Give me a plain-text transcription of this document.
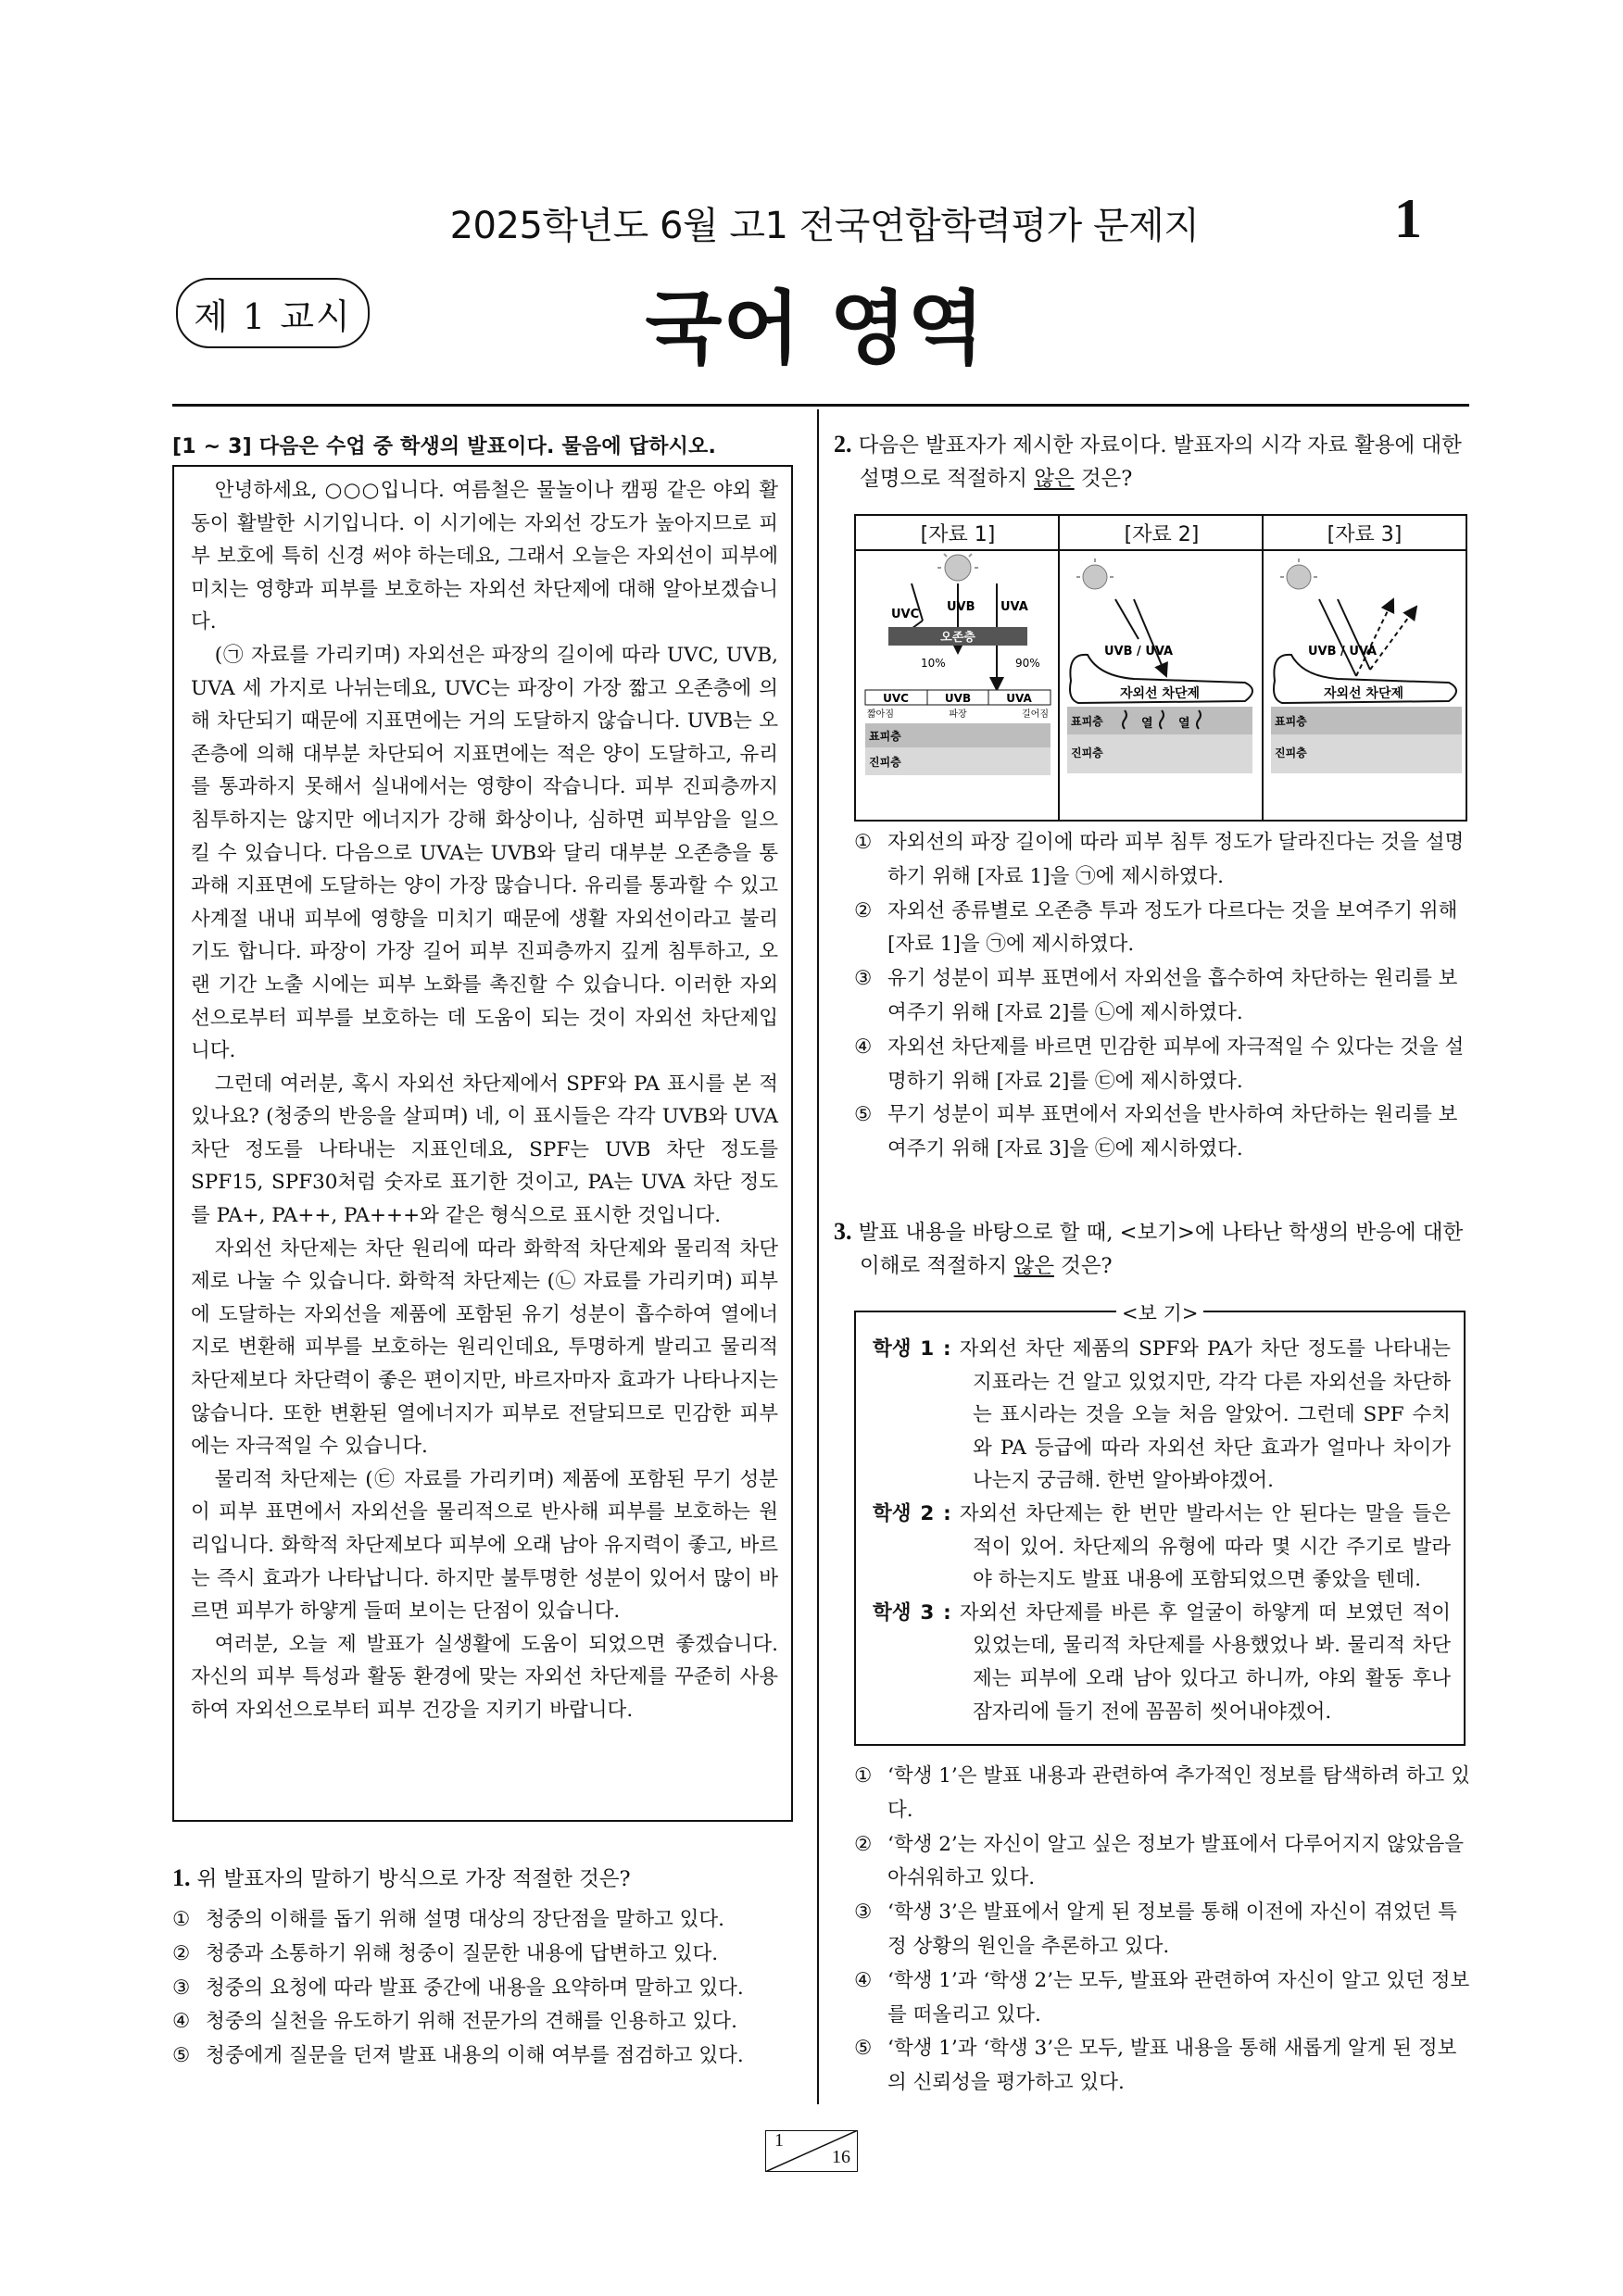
2025학년도 6월 고1 전국연합학력평가 문제지	1
제 1 교시	국어 영역
[1 ~ 3] 다음은 수업 중 학생의 발표이다. 물음에 답하시오.

안녕하세요, ○○○입니다. 여름철은 물놀이나 캠핑 같은 야외 활동이 활발한 시기입니다. 이 시기에는 자외선 강도가 높아지므로 피부 보호에 특히 신경 써야 하는데요, 그래서 오늘은 자외선이 피부에 미치는 영향과 피부를 보호하는 자외선 차단제에 대해 알아보겠습니다.

(㉠ 자료를 가리키며) 자외선은 파장의 길이에 따라 UVC, UVB, UVA 세 가지로 나뉘는데요, UVC는 파장이 가장 짧고 오존층에 의해 차단되기 때문에 지표면에는 거의 도달하지 않습니다. UVB는 오존층에 의해 대부분 차단되어 지표면에는 적은 양이 도달하고, 유리를 통과하지 못해서 실내에서는 영향이 작습니다. 피부 진피층까지 침투하지는 않지만 에너지가 강해 화상이나, 심하면 피부암을 일으킬 수 있습니다. 다음으로 UVA는 UVB와 달리 대부분 오존층을 통과해 지표면에 도달하는 양이 가장 많습니다. 유리를 통과할 수 있고 사계절 내내 피부에 영향을 미치기 때문에 생활 자외선이라고 불리기도 합니다. 파장이 가장 길어 피부 진피층까지 깊게 침투하고, 오랜 기간 노출 시에는 피부 노화를 촉진할 수 있습니다. 이러한 자외선으로부터 피부를 보호하는 데 도움이 되는 것이 자외선 차단제입니다.

그런데 여러분, 혹시 자외선 차단제에서 SPF와 PA 표시를 본 적 있나요? (청중의 반응을 살피며) 네, 이 표시들은 각각 UVB와 UVA 차단 정도를 나타내는 지표인데요, SPF는 UVB 차단 정도를 SPF15, SPF30처럼 숫자로 표기한 것이고, PA는 UVA 차단 정도를 PA+, PA++, PA+++와 같은 형식으로 표시한 것입니다.

자외선 차단제는 차단 원리에 따라 화학적 차단제와 물리적 차단제로 나눌 수 있습니다. 화학적 차단제는 (㉡ 자료를 가리키며) 피부에 도달하는 자외선을 제품에 포함된 유기 성분이 흡수하여 열에너지로 변환해 피부를 보호하는 원리인데요, 투명하게 발리고 물리적 차단제보다 차단력이 좋은 편이지만, 바르자마자 효과가 나타나지는 않습니다. 또한 변환된 열에너지가 피부로 전달되므로 민감한 피부에는 자극적일 수 있습니다.

물리적 차단제는 (㉢ 자료를 가리키며) 제품에 포함된 무기 성분이 피부 표면에서 자외선을 물리적으로 반사해 피부를 보호하는 원리입니다. 화학적 차단제보다 피부에 오래 남아 유지력이 좋고, 바르는 즉시 효과가 나타납니다. 하지만 불투명한 성분이 있어서 많이 바르면 피부가 하얗게 들떠 보이는 단점이 있습니다.

여러분, 오늘 제 발표가 실생활에 도움이 되었으면 좋겠습니다. 자신의 피부 특성과 활동 환경에 맞는 자외선 차단제를 꾸준히 사용하여 자외선으로부터 피부 건강을 지키기 바랍니다.

1. 위 발표자의 말하기 방식으로 가장 적절한 것은?
① 청중의 이해를 돕기 위해 설명 대상의 장단점을 말하고 있다.
② 청중과 소통하기 위해 청중이 질문한 내용에 답변하고 있다.
③ 청중의 요청에 따라 발표 중간에 내용을 요약하며 말하고 있다.
④ 청중의 실천을 유도하기 위해 전문가의 견해를 인용하고 있다.
⑤ 청중에게 질문을 던져 발표 내용의 이해 여부를 점검하고 있다.
2. 다음은 발표자가 제시한 자료이다. 발표자의 시각 자료 활용에 대한 설명으로 적절하지 않은 것은?
[자료 1]	[자료 2]	[자료 3]
UVC
UVB UVA
오존층
10%	90%
UVC	UVB	UVA
짧아짐	파장	길어짐
표피층
진피층
UVB / UVA
자외선 차단제
표피층
진피층
열 열
UVB / UVA
자외선 차단제
표피층
진피층
① 자외선의 파장 길이에 따라 피부 침투 정도가 달라진다는 것을 설명하기 위해 [자료 1]을 ㉠에 제시하였다.
② 자외선 종류별로 오존층 투과 정도가 다르다는 것을 보여주기 위해 [자료 1]을 ㉠에 제시하였다.
③ 유기 성분이 피부 표면에서 자외선을 흡수하여 차단하는 원리를 보여주기 위해 [자료 2]를 ㉡에 제시하였다.
④ 자외선 차단제를 바르면 민감한 피부에 자극적일 수 있다는 것을 설명하기 위해 [자료 2]를 ㉢에 제시하였다.
⑤ 무기 성분이 피부 표면에서 자외선을 반사하여 차단하는 원리를 보여주기 위해 [자료 3]을 ㉢에 제시하였다.
3. 발표 내용을 바탕으로 할 때, <보기>에 나타난 학생의 반응에 대한 이해로 적절하지 않은 것은?

학생 1 : 자외선 차단 제품의 SPF와 PA가 차단 정도를 나타내는 지표라는 건 알고 있었지만, 각각 다른 자외선을 차단하는 표시라는 것을 오늘 처음 알았어. 그런데 SPF 수치와 PA 등급에 따라 자외선 차단 효과가 얼마나 차이가 나는지 궁금해. 한번 알아봐야겠어.

학생 2 : 자외선 차단제는 한 번만 발라서는 안 된다는 말을 들은 적이 있어. 차단제의 유형에 따라 몇 시간 주기로 발라야 하는지도 발표 내용에 포함되었으면 좋았을 텐데.

학생 3 : 자외선 차단제를 바른 후 얼굴이 하얗게 떠 보였던 적이 있었는데, 물리적 차단제를 사용했었나 봐. 물리적 차단제는 피부에 오래 남아 있다고 하니까, 야외 활동 후나 잠자리에 들기 전에 꼼꼼히 씻어내야겠어.

<보 기>
① ‘학생 1’은 발표 내용과 관련하여 추가적인 정보를 탐색하려 하고 있다.
② ‘학생 2’는 자신이 알고 싶은 정보가 발표에서 다루어지지 않았음을 아쉬워하고 있다.
③ ‘학생 3’은 발표에서 알게 된 정보를 통해 이전에 자신이 겪었던 특정 상황의 원인을 추론하고 있다.
④ ‘학생 1’과 ‘학생 2’는 모두, 발표와 관련하여 자신이 알고 있던 정보를 떠올리고 있다.
⑤ ‘학생 1’과 ‘학생 3’은 모두, 발표 내용을 통해 새롭게 알게 된 정보의 신뢰성을 평가하고 있다.
1
16
